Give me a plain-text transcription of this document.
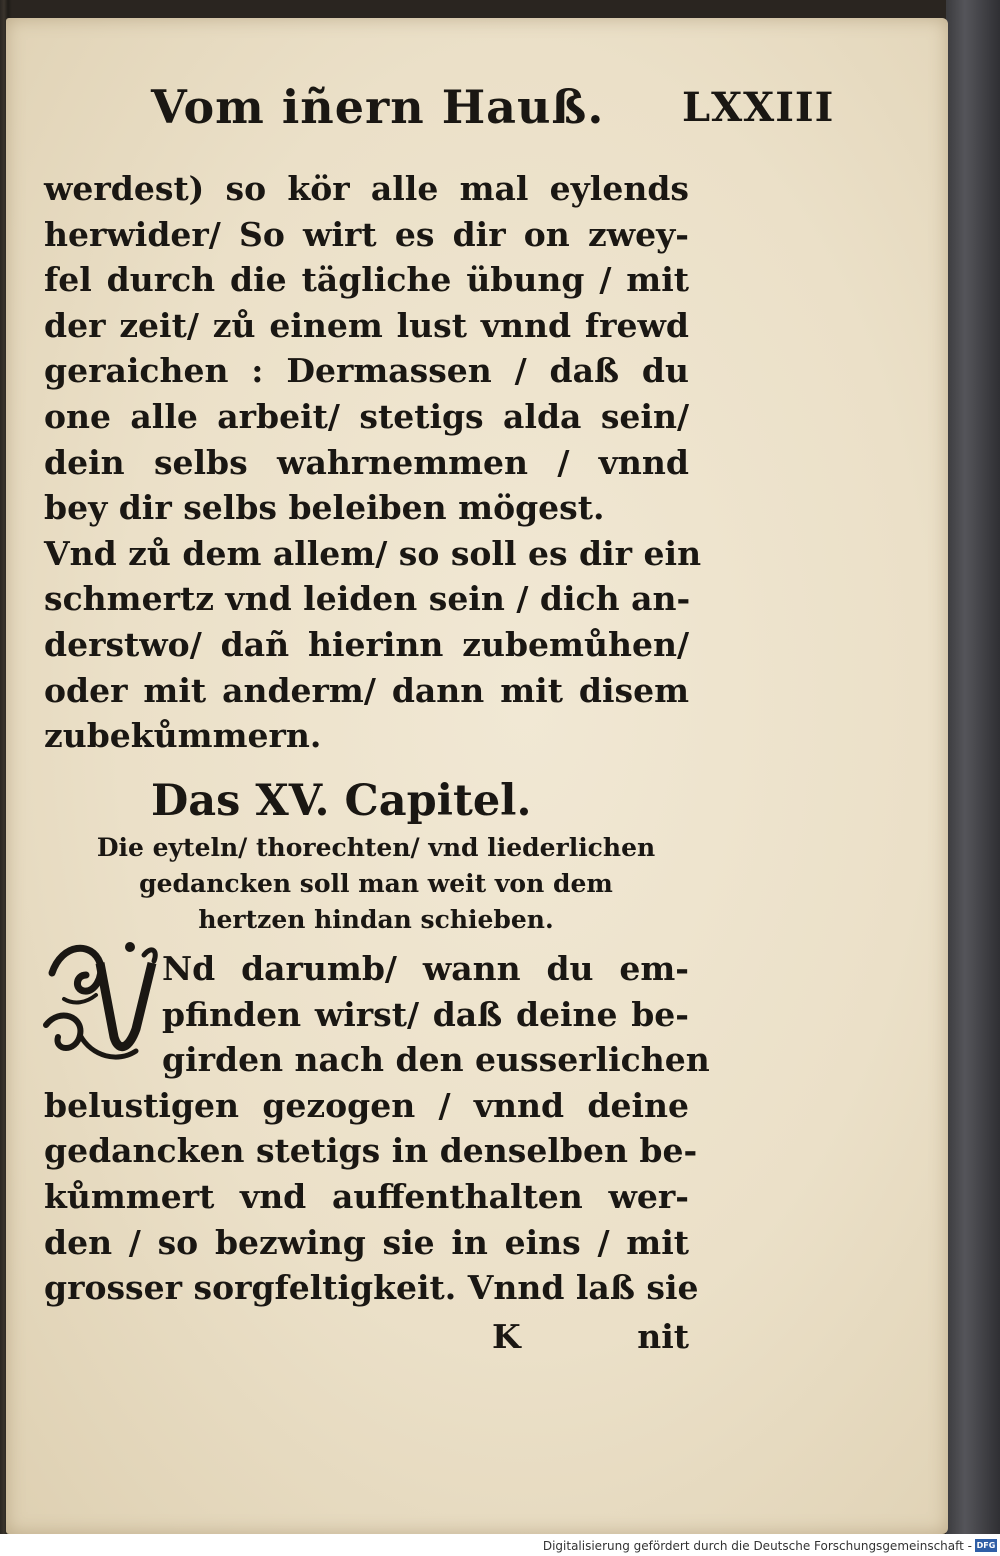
Vom iñern Hauß. LXXIII
werdest) so kör alle mal eylends
herwider/ So wirt es dir on zwey‐
fel durch die tägliche übung / mit
der zeit/ zů einem lust vnnd frewd
geraichen : Dermassen / daß du
one alle arbeit/ stetigs alda sein/
dein selbs wahrnemmen / vnnd
bey dir selbs beleiben mögest.
Vnd zů dem allem/ so soll es dir ein
schmertz vnd leiden sein / dich an‐
derstwo/ dañ hierinn zubemůhen/
oder mit anderm/ dann mit disem
zubekůmmern.
Das XV. Capitel.
Die eyteln/ thorechten/ vnd liederlichen
gedancken soll man weit von dem
hertzen hindan schieben.
Nd darumb/ wann du em‐
pfinden wirst/ daß deine be‐
girden nach den eusserlichen
belustigen gezogen / vnnd deine
gedancken stetigs in denselben be‐
kůmmert vnd auffenthalten wer‐
den / so bezwing sie in eins / mit
grosser sorgfeltigkeit. Vnnd laß sie
K	nit
Digitalisierung gefördert durch die Deutsche Forschungsgemeinschaft - DFG
